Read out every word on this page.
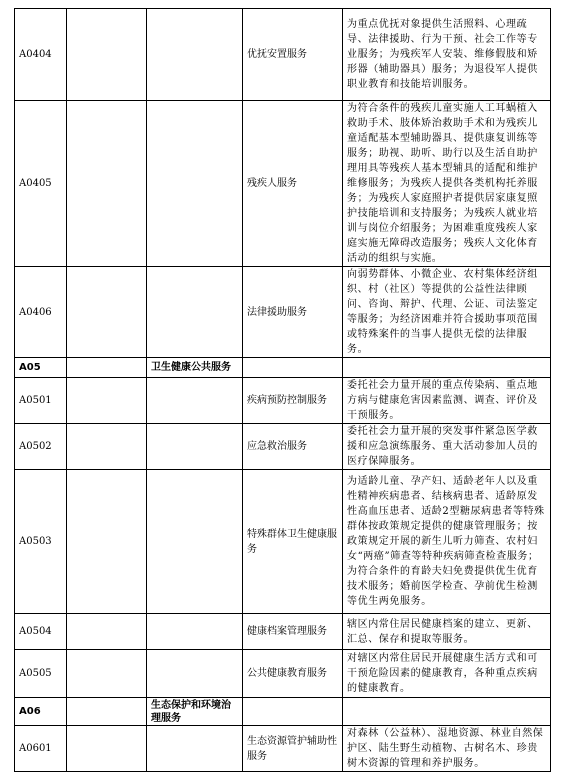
A0404			优抚安置服务	为重点优抚对象提供生活照料、心理疏导、法律援助、行为干预、社会工作等专业服务；为残疾军人安装、维修假肢和矫形器（辅助器具）服务；为退役军人提供职业教育和技能培训服务。
A0405			残疾人服务	为符合条件的残疾儿童实施人工耳蜗植入救助手术、肢体矫治救助手术和为残疾儿童适配基本型辅助器具、提供康复训练等服务；助视、助听、助行以及生活自助护理用具等残疾人基本型辅具的适配和维护维修服务；为残疾人提供各类机构托养服务；为残疾人家庭照护者提供居家康复照护技能培训和支持服务；为残疾人就业培训与岗位介绍服务；为困难重度残疾人家庭实施无障碍改造服务；残疾人文化体育活动的组织与实施。
A0406			法律援助服务	向弱势群体、小微企业、农村集体经济组织、村（社区）等提供的公益性法律顾问、咨询、辩护、代理、公证、司法鉴定等服务；为经济困难并符合援助事项范围或特殊案件的当事人提供无偿的法律服务。
A05		卫生健康公共服务		
A0501			疾病预防控制服务	委托社会力量开展的重点传染病、重点地方病与健康危害因素监测、调查、评价及干预服务。
A0502			应急救治服务	委托社会力量开展的突发事件紧急医学救援和应急演练服务、重大活动参加人员的医疗保障服务。
A0503			特殊群体卫生健康服务	为适龄儿童、孕产妇、适龄老年人以及重性精神疾病患者、结核病患者、适龄原发性高血压患者、适龄2型糖尿病患者等特殊群体按政策规定提供的健康管理服务；按政策规定开展的新生儿听力筛查、农村妇女“两癌”筛查等特种疾病筛查检查服务；为符合条件的育龄夫妇免费提供优生优育技术服务；婚前医学检查、孕前优生检测等优生两免服务。
A0504			健康档案管理服务	辖区内常住居民健康档案的建立、更新、汇总、保存和提取等服务。
A0505			公共健康教育服务	对辖区内常住居民开展健康生活方式和可干预危险因素的健康教育，各种重点疾病的健康教育。
A06		生态保护和环境治理服务		
A0601			生态资源管护辅助性服务	对森林（公益林）、湿地资源、林业自然保护区、陆生野生动植物、古树名木、珍贵树木资源的管理和养护服务。
